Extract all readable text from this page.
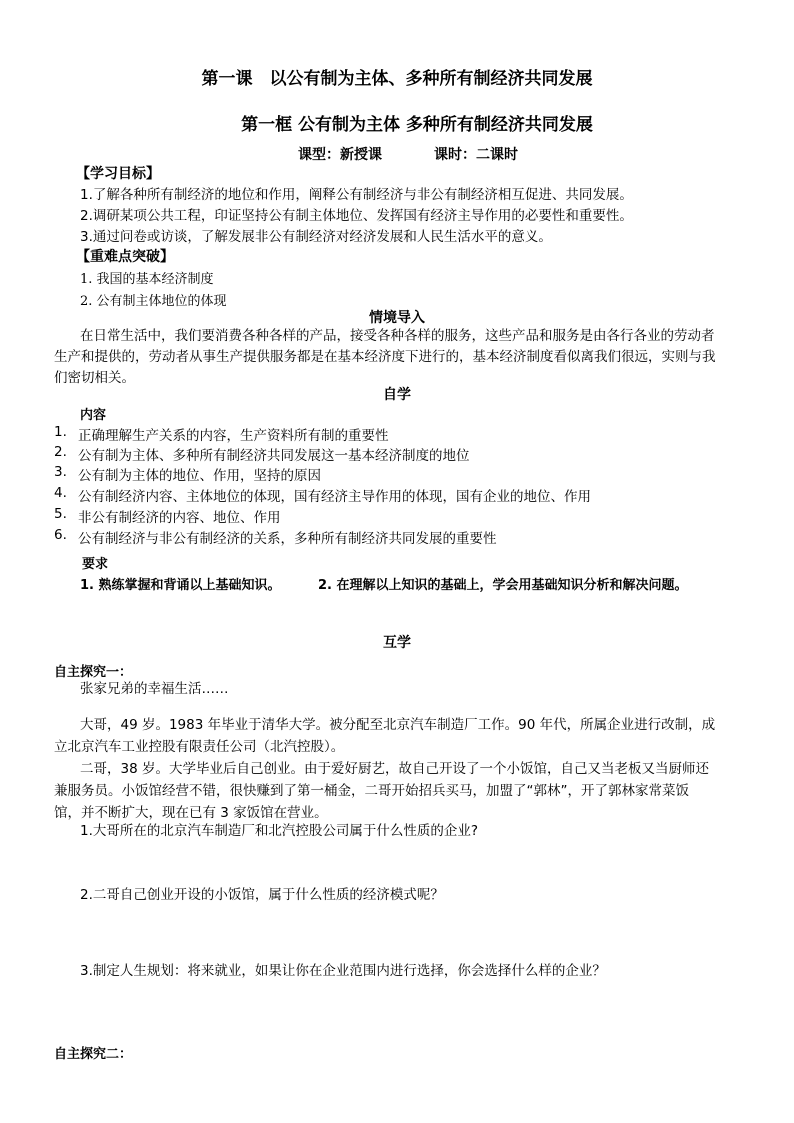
第一课　以公有制为主体、多种所有制经济共同发展
第一框 公有制为主体 多种所有制经济共同发展
课型：新授课	课时：二课时
【学习目标】
1.了解各种所有制经济的地位和作用，阐释公有制经济与非公有制经济相互促进、共同发展。
2.调研某项公共工程，印证坚持公有制主体地位、发挥国有经济主导作用的必要性和重要性。
3.通过问卷或访谈，了解发展非公有制经济对经济发展和人民生活水平的意义。
【重难点突破】
1. 我国的基本经济制度
2. 公有制主体地位的体现
情境导入
在日常生活中，我们要消费各种各样的产品，接受各种各样的服务，这些产品和服务是由各行各业的劳动者
生产和提供的，劳动者从事生产提供服务都是在基本经济度下进行的，基本经济制度看似离我们很远，实则与我
们密切相关。
自学
内容
1. 正确理解生产关系的内容，生产资料所有制的重要性
2. 公有制为主体、多种所有制经济共同发展这一基本经济制度的地位
3. 公有制为主体的地位、作用，坚持的原因
4. 公有制经济内容、主体地位的体现，国有经济主导作用的体现，国有企业的地位、作用
5. 非公有制经济的内容、地位、作用
6. 公有制经济与非公有制经济的关系，多种所有制经济共同发展的重要性
要求
1. 熟练掌握和背诵以上基础知识。	2. 在理解以上知识的基础上，学会用基础知识分析和解决问题。
互学
自主探究一：
张家兄弟的幸福生活……
大哥，49 岁。1983 年毕业于清华大学。被分配至北京汽车制造厂工作。90 年代，所属企业进行改制，成
立北京汽车工业控股有限责任公司（北汽控股）。
二哥，38 岁。大学毕业后自己创业。由于爱好厨艺，故自己开设了一个小饭馆，自己又当老板又当厨师还
兼服务员。小饭馆经营不错，很快赚到了第一桶金，二哥开始招兵买马，加盟了“郭林”，开了郭林家常菜饭
馆，并不断扩大，现在已有 3 家饭馆在营业。
1.大哥所在的北京汽车制造厂和北汽控股公司属于什么性质的企业?
2.二哥自己创业开设的小饭馆，属于什么性质的经济模式呢？
3.制定人生规划：将来就业，如果让你在企业范围内进行选择，你会选择什么样的企业？
自主探究二：
